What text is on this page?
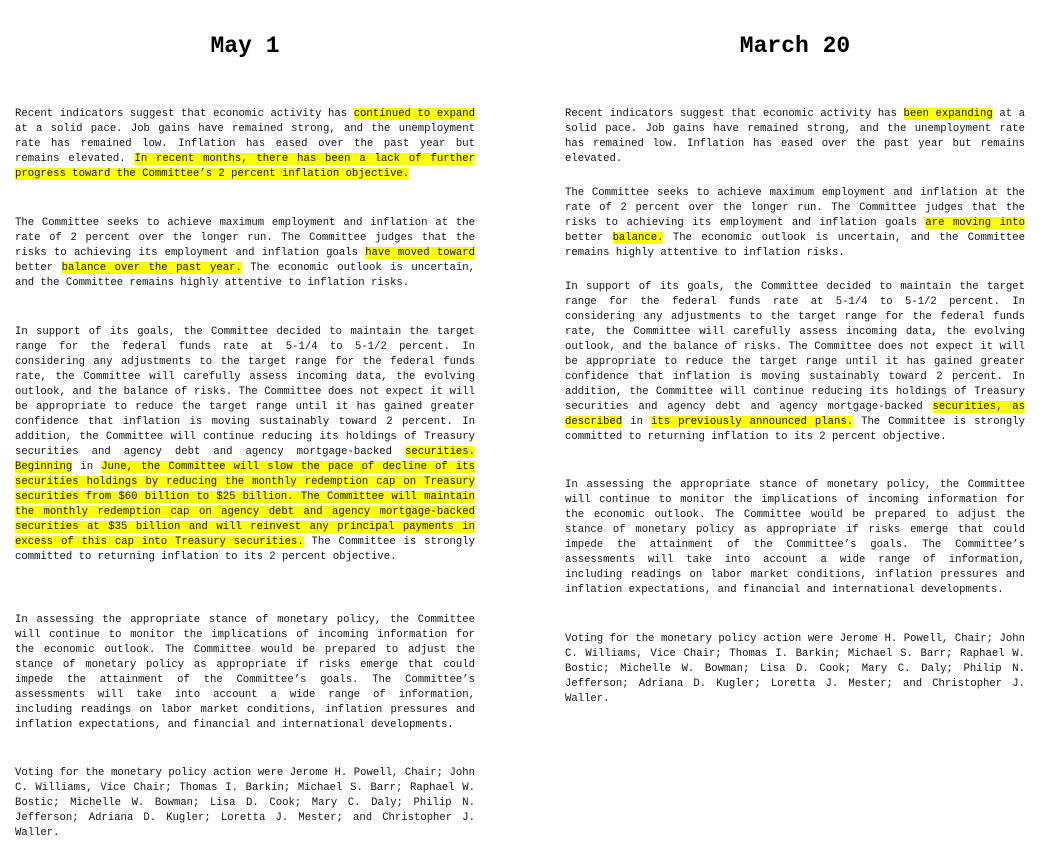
May 1

Recent indicators suggest that economic activity has continued to expand at a solid pace. Job gains have remained strong, and the unemployment rate has remained low. Inflation has eased over the past year but remains elevated. In recent months, there has been a lack of further progress toward the Committee’s 2 percent inflation objective.

The Committee seeks to achieve maximum employment and inflation at the rate of 2 percent over the longer run. The Committee judges that the risks to achieving its employment and inflation goals have moved toward better balance over the past year. The economic outlook is uncertain, and the Committee remains highly attentive to inflation risks.

In support of its goals, the Committee decided to maintain the target range for the federal funds rate at 5-1/4 to 5-1/2 percent. In considering any adjustments to the target range for the federal funds rate, the Committee will carefully assess incoming data, the evolving outlook, and the balance of risks. The Committee does not expect it will be appropriate to reduce the target range until it has gained greater confidence that inflation is moving sustainably toward 2 percent. In addition, the Committee will continue reducing its holdings of Treasury securities and agency debt and agency mortgage-backed securities. Beginning in June, the Committee will slow the pace of decline of its securities holdings by reducing the monthly redemption cap on Treasury securities from $60 billion to $25 billion. The Committee will maintain the monthly redemption cap on agency debt and agency mortgage-backed securities at $35 billion and will reinvest any principal payments in excess of this cap into Treasury securities. The Committee is strongly committed to returning inflation to its 2 percent objective.

In assessing the appropriate stance of monetary policy, the Committee will continue to monitor the implications of incoming information for the economic outlook. The Committee would be prepared to adjust the stance of monetary policy as appropriate if risks emerge that could impede the attainment of the Committee’s goals. The Committee’s assessments will take into account a wide range of information, including readings on labor market conditions, inflation pressures and inflation expectations, and financial and international developments.

Voting for the monetary policy action were Jerome H. Powell, Chair; John C. Williams, Vice Chair; Thomas I. Barkin; Michael S. Barr; Raphael W. Bostic; Michelle W. Bowman; Lisa D. Cook; Mary C. Daly; Philip N. Jefferson; Adriana D. Kugler; Loretta J. Mester; and Christopher J. Waller.

March 20

Recent indicators suggest that economic activity has been expanding at a solid pace. Job gains have remained strong, and the unemployment rate has remained low. Inflation has eased over the past year but remains elevated.

The Committee seeks to achieve maximum employment and inflation at the rate of 2 percent over the longer run. The Committee judges that the risks to achieving its employment and inflation goals are moving into better balance. The economic outlook is uncertain, and the Committee remains highly attentive to inflation risks.

In support of its goals, the Committee decided to maintain the target range for the federal funds rate at 5-1/4 to 5-1/2 percent. In considering any adjustments to the target range for the federal funds rate, the Committee will carefully assess incoming data, the evolving outlook, and the balance of risks. The Committee does not expect it will be appropriate to reduce the target range until it has gained greater confidence that inflation is moving sustainably toward 2 percent. In addition, the Committee will continue reducing its holdings of Treasury securities and agency debt and agency mortgage-backed securities, as described in its previously announced plans. The Committee is strongly committed to returning inflation to its 2 percent objective.

In assessing the appropriate stance of monetary policy, the Committee will continue to monitor the implications of incoming information for the economic outlook. The Committee would be prepared to adjust the stance of monetary policy as appropriate if risks emerge that could impede the attainment of the Committee’s goals. The Committee’s assessments will take into account a wide range of information, including readings on labor market conditions, inflation pressures and inflation expectations, and financial and international developments.

Voting for the monetary policy action were Jerome H. Powell, Chair; John C. Williams, Vice Chair; Thomas I. Barkin; Michael S. Barr; Raphael W. Bostic; Michelle W. Bowman; Lisa D. Cook; Mary C. Daly; Philip N. Jefferson; Adriana D. Kugler; Loretta J. Mester; and Christopher J. Waller.
